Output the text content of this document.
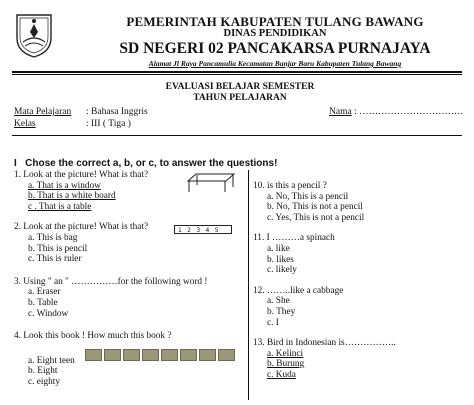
PEMERINTAH KABUPATEN TULANG BAWANG
DINAS PENDIDIKAN
SD NEGERI 02 PANCAKARSA PURNAJAYA
Alamat Jl Raya Pancamulia Kecamatan Banjar Baru Kabupaten Tulang Bawang
EVALUASI BELAJAR SEMESTER
TAHUN PELAJARAN
Mata Pelajaran : Bahasa Inggris
Kelas	: III ( Tiga )
Nama : ……………………………
I Chose the correct a, b, or c, to answer the questions!
1. Look at the picture! What is that?
a. That is a window
b. That is a white board
c . That is a table
2. Look at the picture! What is that?
a. This is bag
b. This is pencil
c. This is ruler
3. Using " an " ……………for the following word !
a. Eraser
b. Table
c. Window
4. Look this book ! How much this book ?
a. Eight teen
b. Eight
c. eighty
1 2 3 4 5
10. is this a pencil ?
a. No, This is a pencil
b. No, This is not a pencil
c. Yes, This is not a pencil
11. I ………a spinach
a. like
b. likes
c. likely
12. ……..like a cabbage
a. She
b. They
c. I
13. Bird in Indonesian is……………..
a. Kelinci
b. Burung
c. Kuda
